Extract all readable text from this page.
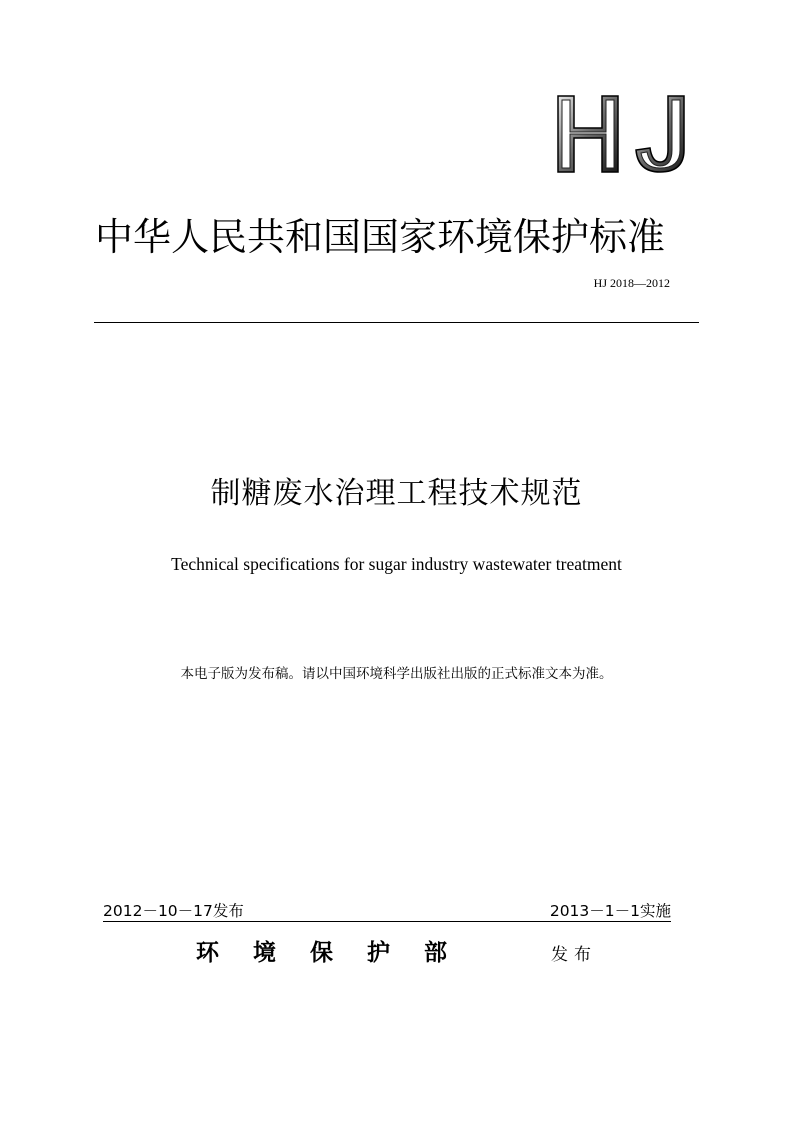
中华人民共和国国家环境保护标准
HJ 2018—2012
制糖废水治理工程技术规范
Technical specifications for sugar industry wastewater treatment
本电子版为发布稿。请以中国环境科学出版社出版的正式标准文本为准。
2012－10－17发布	2013－1－1实施
环境保护部	发布
